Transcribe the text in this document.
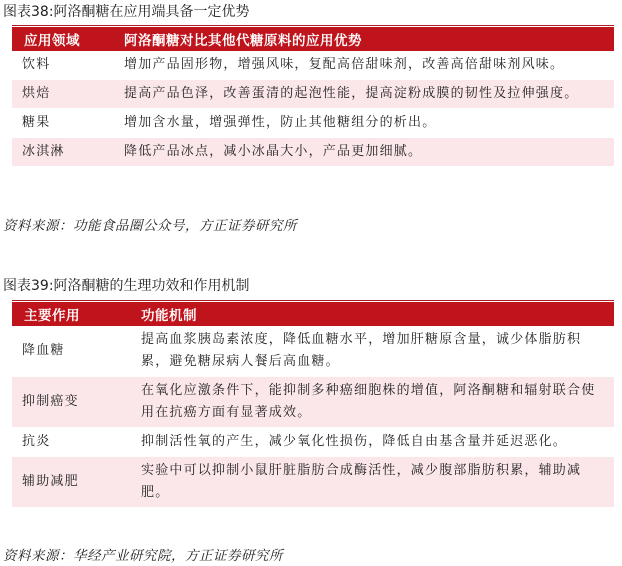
图表38:阿洛酮糖在应用端具备一定优势
应用领域	阿洛酮糖对比其他代糖原料的应用优势
饮料	增加产品固形物，增强风味，复配高倍甜味剂，改善高倍甜味剂风味。
烘焙	提高产品色泽，改善蛋清的起泡性能，提高淀粉成膜的韧性及拉伸强度。
糖果	增加含水量，增强弹性，防止其他糖组分的析出。
冰淇淋	降低产品冰点，减小冰晶大小，产品更加细腻。
资料来源：功能食品圈公众号，方正证券研究所
图表39:阿洛酮糖的生理功效和作用机制
主要作用	功能机制
降血糖	提高血浆胰岛素浓度，降低血糖水平，增加肝糖原含量，诚少体脂肪积累，避免糖尿病人餐后高血糖。
抑制癌变	在氧化应激条件下，能抑制多种癌细胞株的增值，阿洛酮糖和辐射联合使用在抗癌方面有显著成效。
抗炎	抑制活性氧的产生，减少氧化性损伤，降低自由基含量并延迟恶化。
辅助减肥	实验中可以抑制小鼠肝脏脂肪合成酶活性，减少腹部脂肪积累，辅助减肥。
资料来源：华经产业研究院，方正证券研究所
